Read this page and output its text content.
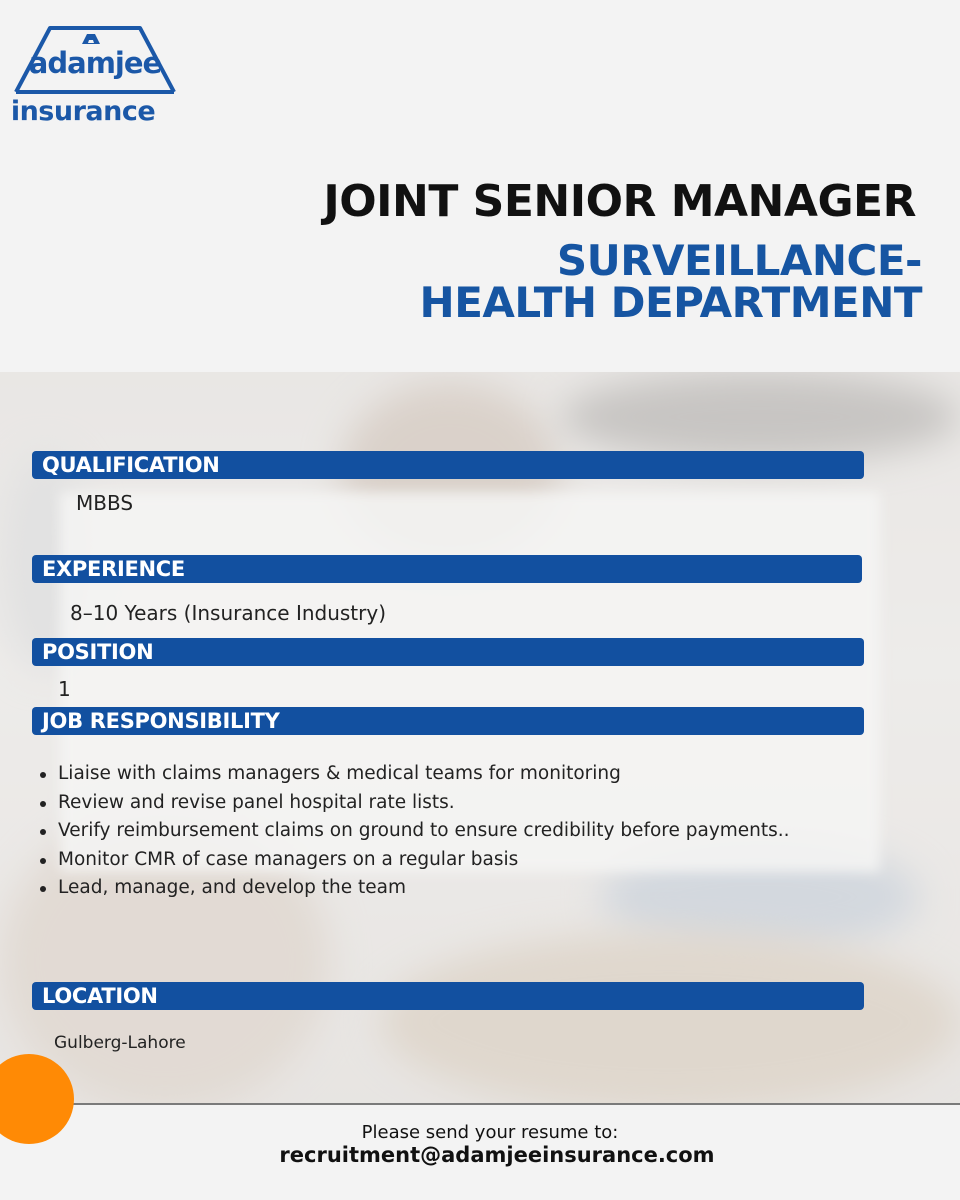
adamjee
insurance
JOINT SENIOR MANAGER
SURVEILLANCE-
HEALTH DEPARTMENT
QUALIFICATION
MBBS
EXPERIENCE
8–10 Years (Insurance Industry)
POSITION
1
JOB RESPONSIBILITY
Liaise with claims managers & medical teams for monitoring
Review and revise panel hospital rate lists.
Verify reimbursement claims on ground to ensure credibility before payments..
Monitor CMR of case managers on a regular basis
Lead, manage, and develop the team
LOCATION
Gulberg-Lahore
Please send your resume to:
recruitment@adamjeeinsurance.com
